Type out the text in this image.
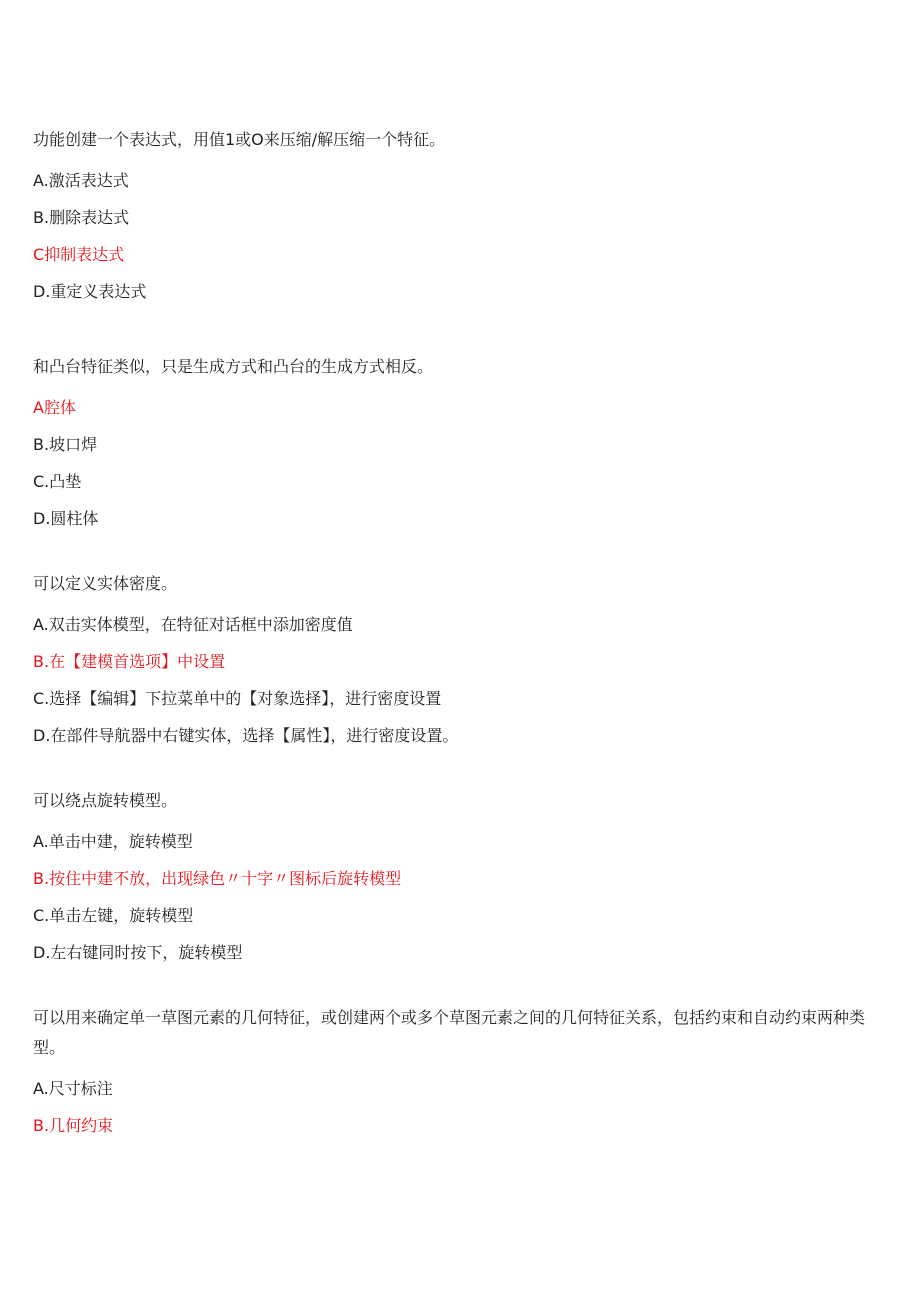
功能创建一个表达式，用值1或O来压缩/解压缩一个特征。

A.激活表达式

B.删除表达式

C抑制表达式

D.重定义表达式

和凸台特征类似，只是生成方式和凸台的生成方式相反。

A腔体

B.坡口焊

C.凸垫

D.圆柱体

可以定义实体密度。

A.双击实体模型，在特征对话框中添加密度值

B.在【建模首选项】中设置

C.选择【编辑】下拉菜单中的【对象选择】，进行密度设置

D.在部件导航器中右键实体，选择【属性】，进行密度设置。

可以绕点旋转模型。

A.单击中建，旋转模型

B.按住中建不放，出现绿色〃十字〃图标后旋转模型

C.单击左键，旋转模型

D.左右键同时按下，旋转模型

可以用来确定单一草图元素的几何特征，或创建两个或多个草图元素之间的几何特征关系，包括约束和自动约束两种类型。

A.尺寸标注

B.几何约束
